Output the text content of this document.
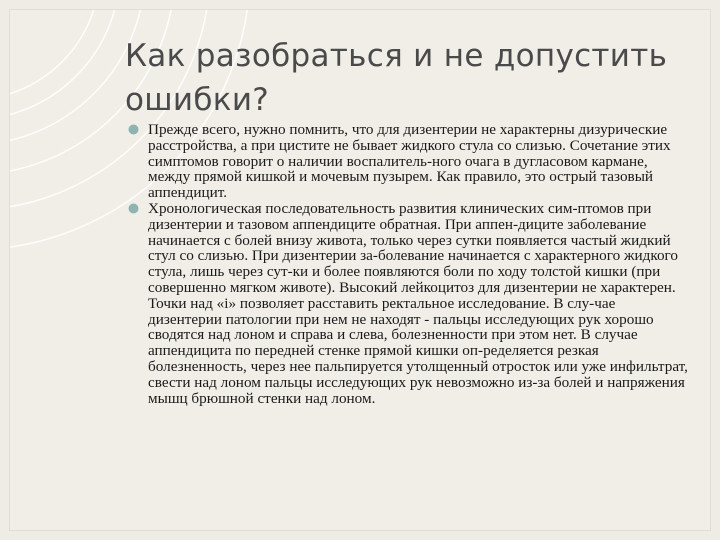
Как разобраться и не допустить ошибки?
Прежде всего, нужно помнить, что для дизентерии не характерны дизурические расстройства, а при цистите не бывает жидкого стула со слизью. Сочетание этих симптомов говорит о наличии воспалитель-ного очага в дугласовом кармане, между прямой кишкой и мочевым пузырем. Как правило, это острый тазовый аппендицит.
Хронологическая последовательность развития клинических сим-птомов при дизентерии и тазовом аппендиците обратная. При аппен-диците заболевание начинается с болей внизу живота, только через сутки появляется частый жидкий стул со слизью. При дизентерии за-болевание начинается с характерного жидкого стула, лишь через сут-ки и более появляются боли по ходу толстой кишки (при совершенно мягком животе). Высокий лейкоцитоз для дизентерии не характерен. Точки над «i» позволяет расставить ректальное исследование. В слу-чае дизентерии патологии при нем не находят - пальцы исследующих рук хорошо сводятся над лоном и справа и слева, болезненности при этом нет. В случае аппендицита по передней стенке прямой кишки оп-ределяется резкая болезненность, через нее пальпируется утолщенный отросток или уже инфильтрат, свести над лоном пальцы исследующих рук невозможно из-за болей и напряжения мышц брюшной стенки над лоном.
